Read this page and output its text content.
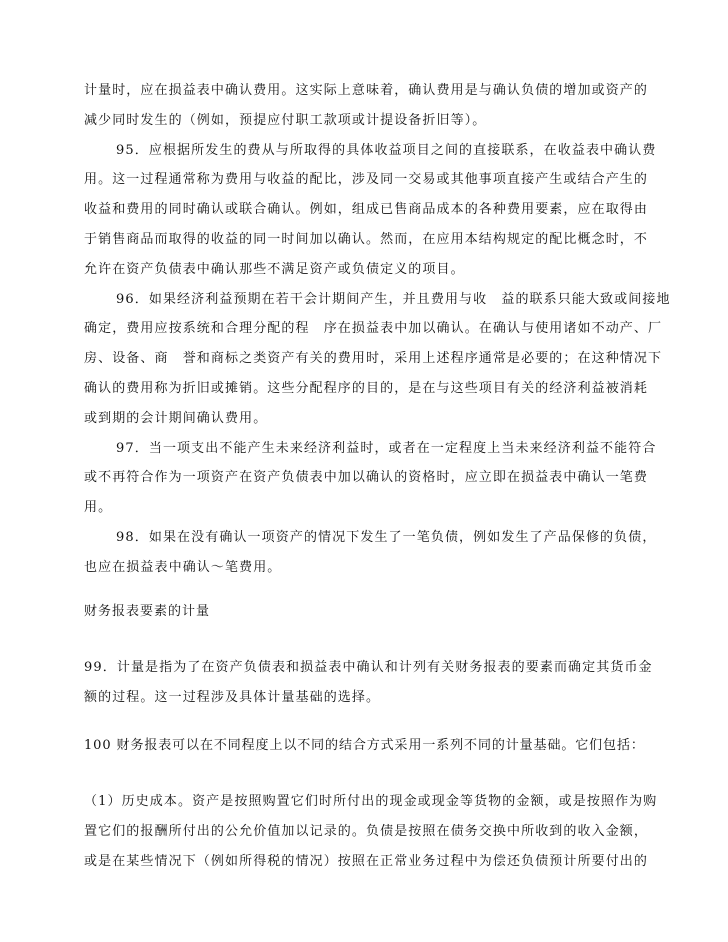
计量时，应在损益表中确认费用。这实际上意味着，确认费用是与确认负债的增加或资产的
减少同时发生的（例如，预提应付职工款项或计提设备折旧等）。
95．应根据所发生的费从与所取得的具体收益项目之间的直接联系，在收益表中确认费
用。这一过程通常称为费用与收益的配比，涉及同一交易或其他事项直接产生或结合产生的
收益和费用的同时确认或联合确认。例如，组成已售商品成本的各种费用要素，应在取得由
于销售商品而取得的收益的同一时间加以确认。然而，在应用本结构规定的配比概念时，不
允许在资产负债表中确认那些不满足资产或负债定义的项目。
96．如果经济利益预期在若干会计期间产生，并且费用与收　益的联系只能大致或间接地
确定，费用应按系统和合理分配的程　序在损益表中加以确认。在确认与使用诸如不动产、厂
房、设备、商　誉和商标之类资产有关的费用时，采用上述程序通常是必要的；在这种情况下
确认的费用称为折旧或摊销。这些分配程序的目的，是在与这些项目有关的经济利益被消耗
或到期的会计期间确认费用。
97．当一项支出不能产生未来经济利益时，或者在一定程度上当未来经济利益不能符合
或不再符合作为一项资产在资产负债表中加以确认的资格时，应立即在损益表中确认一笔费
用。
98．如果在没有确认一项资产的情况下发生了一笔负债，例如发生了产品保修的负债，
也应在损益表中确认～笔费用。
财务报表要素的计量
99．计量是指为了在资产负债表和损益表中确认和计列有关财务报表的要素而确定其货币金
额的过程。这一过程涉及具体计量基础的选择。
100 财务报表可以在不同程度上以不同的结合方式采用一系列不同的计量基础。它们包括：
（1）历史成本。资产是按照购置它们时所付出的现金或现金等货物的金额，或是按照作为购
置它们的报酬所付出的公允价值加以记录的。负债是按照在债务交换中所收到的收入金额，
或是在某些情况下（例如所得税的情况）按照在正常业务过程中为偿还负债预计所要付出的
